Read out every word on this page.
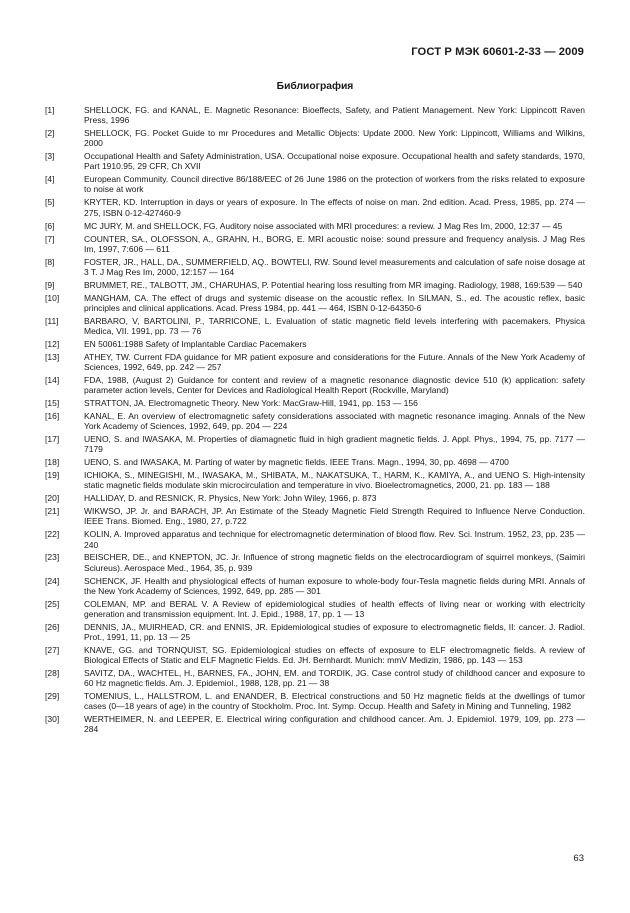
ГОСТ Р МЭК 60601-2-33 — 2009
Библиография
[1]	SHELLOCK, FG. and KANAL, E. Magnetic Resonance: Bioeffects, Safety, and Patient Management. New York: Lippincott Raven Press, 1996
[2]	SHELLOCK, FG. Pocket Guide to mr Procedures and Metallic Objects: Update 2000. New York: Lippincott, Williams and Wilkins, 2000
[3]	Occupational Health and Safety Administration, USA. Occupational noise exposure. Occupational health and safety standards, 1970, Part 1910.95, 29 CFR, Ch XVII
[4]	European Community. Council directive 86/188/EEC of 26 June 1986 on the protection of workers from the risks related to exposure to noise at work
[5]	KRYTER, KD. Interruption in days or years of exposure. In The effects of noise on man. 2nd edition. Acad. Press, 1985, pp. 274 — 275, ISBN 0-12-427460-9
[6]	MC JURY, M. and SHELLOCK, FG. Auditory noise associated with MRI procedures: a review. J Mag Res Im, 2000, 12:37 — 45
[7]	COUNTER, SA., OLOFSSON, A., GRAHN, H., BORG, E. MRI acoustic noise: sound pressure and frequency analysis. J Mag Res Im, 1997, 7:606 — 611
[8]	FOSTER, JR., HALL, DA., SUMMERFIELD, AQ.. BOWTELI, RW. Sound level measurements and calculation of safe noise dosage at 3 T. J Mag Res Im, 2000, 12:157 — 164
[9]	BRUMMET, RE., TALBOTT, JM., CHARUHAS, P. Potential hearing loss resulting from MR imaging. Radiology, 1988, 169:539 — 540
[10]	MANGHAM, CA. The effect of drugs and systemic disease on the acoustic reflex. In SILMAN, S., ed. The acoustic reflex, basic principles and clinical applications. Acad. Press 1984, pp. 441 — 464, ISBN 0-12-64350-6
[11]	BARBARO, V, BARTOLINI, P., TARRICONE, L. Evaluation of static magnetic field levels interfering with pacemakers. Physica Medica, VII. 1991, pp. 73 — 76
[12]	EN 50061:1988 Safety of Implantable Cardiac Pacemakers
[13]	ATHEY, TW. Current FDA guidance for MR patient exposure and considerations for the Future. Annals of the New York Academy of Sciences, 1992, 649, pp. 242 — 257
[14]	FDA, 1988, (August 2) Guidance for content and review of a magnetic resonance diagnostic device 510 (k) application: safety parameter action levels, Center for Devices and Radiological Health Report (Rockville, Maryland)
[15]	STRATTON, JA. Electromagnetic Theory. New York: MacGraw-Hill, 1941, pp. 153 — 156
[16]	KANAL, E. An overview of electromagnetic safety considerations associated with magnetic resonance imaging. Annals of the New York Academy of Sciences, 1992, 649, pp. 204 — 224
[17]	UENO, S. and IWASAKA, M. Properties of diamagnetic fluid in high gradient magnetic fields. J. Appl. Phys., 1994, 75, pp. 7177 — 7179
[18]	UENO, S. and IWASAKA, M. Parting of water by magnetic fields. IEEE Trans. Magn., 1994, 30, pp. 4698 — 4700
[19]	ICHIOKA, S., MINEGISHI, M., IWASAKA, M., SHIBATA, M., NAKATSUKA, T., HARM, K., KAMIYA, A., and UENO S. High-intensity static magnetic fields modulate skin microcirculation and temperature in vivo. Bioelectromagnetics, 2000, 21. pp. 183 — 188
[20]	HALLIDAY, D. and RESNICK, R. Physics, New York: John Wiley, 1966, p. 873
[21]	WIKWSO, JP. Jr. and BARACH, JP. An Estimate of the Steady Magnetic Field Strength Required to Influence Nerve Conduction. IEEE Trans. Biomed. Eng., 1980, 27, p.722
[22]	KOLIN, A. Improved apparatus and technique for electromagnetic determination of blood flow. Rev. Sci. Instrum. 1952, 23, pp. 235 — 240
[23]	BEISCHER, DE., and KNEPTON, JC. Jr. Influence of strong magnetic fields on the electrocardiogram of squirrel monkeys, (Saimiri Sciureus). Aerospace Med., 1964, 35, p. 939
[24]	SCHENCK, JF. Health and physiological effects of human exposure to whole-body four-Tesla magnetic fields during MRI. Annals of the New York Academy of Sciences, 1992, 649, pp. 285 — 301
[25]	COLEMAN, MP. and BERAL V. A Review of epidemiological studies of health effects of living near or working with electricity generation and transmission equipment. Int. J. Epid., 1988, 17, pp. 1 — 13
[26]	DENNIS, JA., MUIRHEAD, CR. and ENNIS, JR. Epidemiological studies of exposure to electromagnetic fields, II: cancer. J. Radiol. Prot., 1991, 11, pp. 13 — 25
[27]	KNAVE, GG. and TORNQUIST, SG. Epidemiological studies on effects of exposure to ELF electromagnetic fields. A review of Biological Effects of Static and ELF Magnetic Fields. Ed. JH. Bernhardt. Munich: mmV Medizin, 1986, pp. 143 — 153
[28]	SAVITZ, DA., WACHTEL, H., BARNES, FA., JOHN, EM. and TORDIK, JG. Case control study of childhood cancer and exposure to 60 Hz magnetic fields. Am. J. Epidemiol., 1988, 128, pp. 21 — 38
[29]	TOMENIUS, L., HALLSTROM, L. and ENANDER, B. Electrical constructions and 50 Hz magnetic fields at the dwellings of tumor cases (0—18 years of age) in the country of Stockholm. Proc. Int. Symp. Occup. Health and Safety in Mining and Tunneling, 1982
[30]	WERTHEIMER, N. and LEEPER, E. Electrical wiring configuration and childhood cancer. Am. J. Epidemiol. 1979, 109, pp. 273 — 284
63
